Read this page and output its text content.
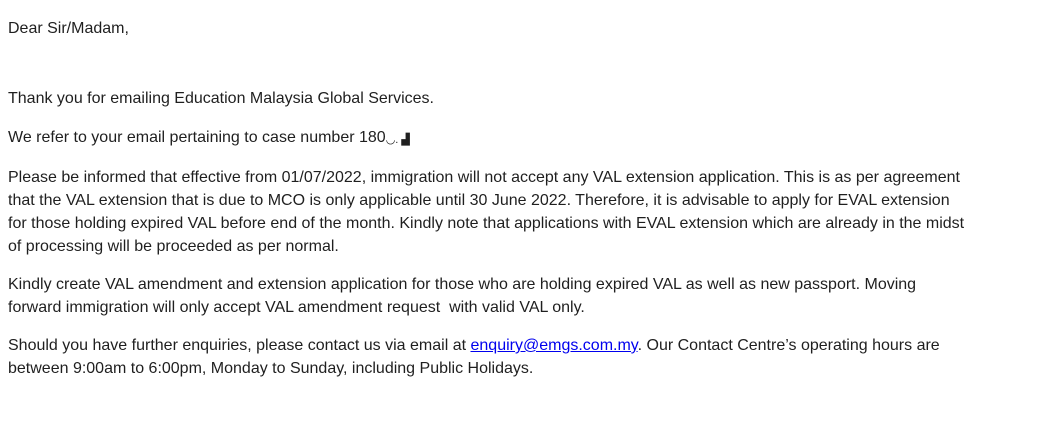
Dear Sir/Madam,

Thank you for emailing Education Malaysia Global Services.

We refer to your email pertaining to case number 180◡. ▟

Please be informed that effective from 01/07/2022, immigration will not accept any VAL extension application. This is as per agreement

that the VAL extension that is due to MCO is only applicable until 30 June 2022. Therefore, it is advisable to apply for EVAL extension

for those holding expired VAL before end of the month. Kindly note that applications with EVAL extension which are already in the midst

of processing will be proceeded as per normal.

Kindly create VAL amendment and extension application for those who are holding expired VAL as well as new passport. Moving

forward immigration will only accept VAL amendment request  with valid VAL only.

Should you have further enquiries, please contact us via email at enquiry@emgs.com.my. Our Contact Centre’s operating hours are

between 9:00am to 6:00pm, Monday to Sunday, including Public Holidays.
